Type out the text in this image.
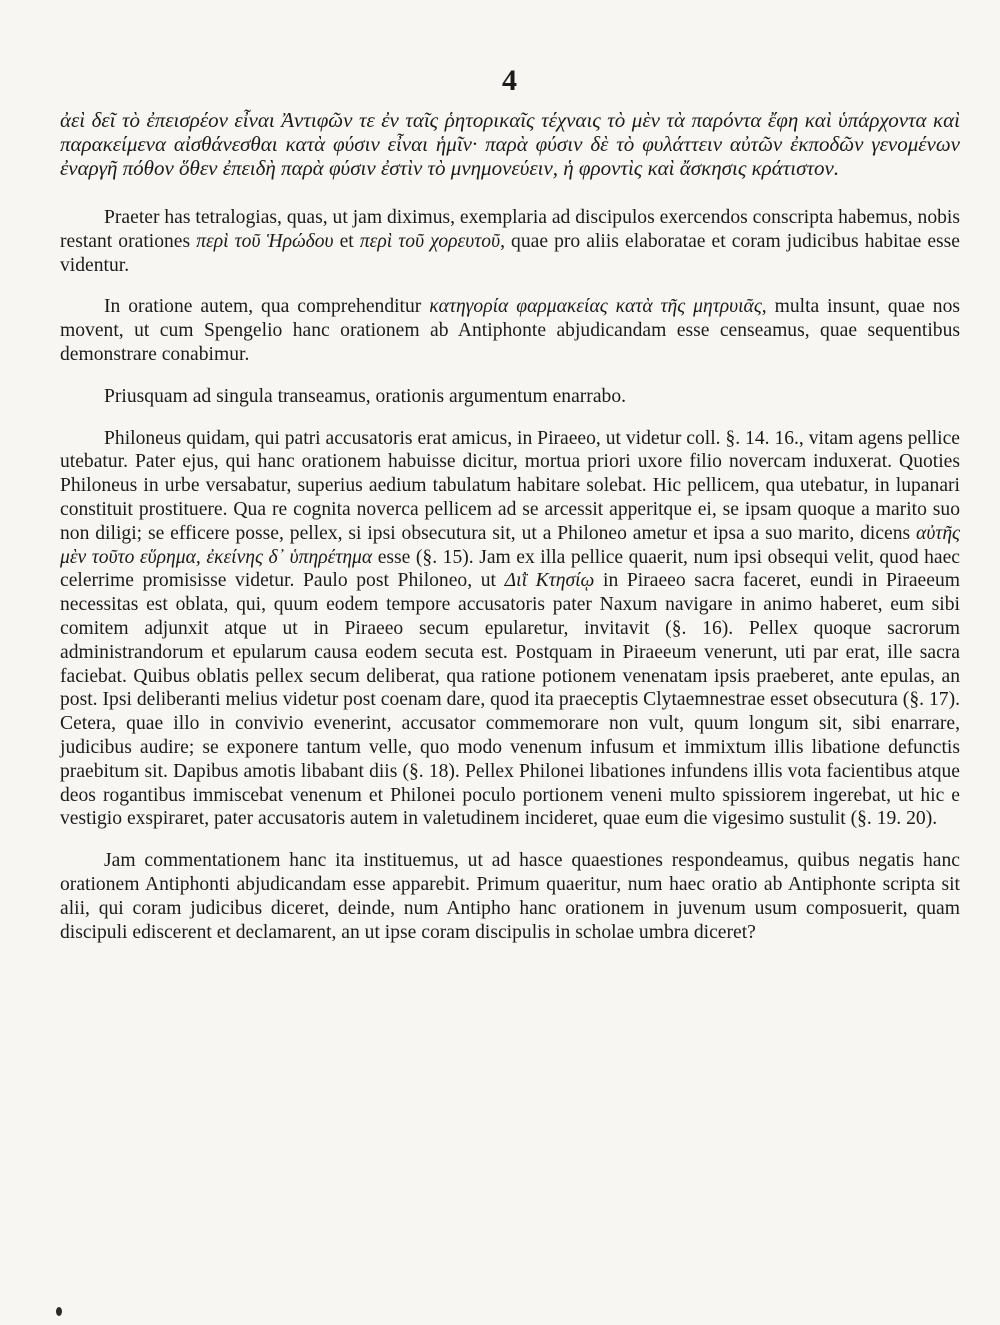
4

ἀεὶ δεῖ τὸ ἐπεισρέον εἶναι Ἀντιφῶν τε ἐν ταῖς ῥητορικαῖς τέχναις τὸ μὲν τὰ παρόντα ἔφη καὶ ὑπάρχοντα καὶ παρακείμενα αἰσθάνεσθαι κατὰ φύσιν εἶναι ἡμῖν· παρὰ φύσιν δὲ τὸ φυλάττειν αὐτῶν ἐκποδῶν γενομένων ἐναργῆ πόθον ὅθεν ἐπειδὴ παρὰ φύσιν ἐστὶν τὸ μνημονεύειν, ἡ φροντὶς καὶ ἄσκησις κράτιστον.

Praeter has tetralogias, quas, ut jam diximus, exemplaria ad discipulos exercendos conscripta habemus, nobis restant orationes περὶ τοῦ Ἡρώδου et περὶ τοῦ χορευτοῦ, quae pro aliis elaboratae et coram judicibus habitae esse videntur.

In oratione autem, qua comprehenditur κατηγορία φαρμακείας κατὰ τῆς μητρυιᾶς, multa insunt, quae nos movent, ut cum Spengelio hanc orationem ab Antiphonte abjudicandam esse censeamus, quae sequentibus demonstrare conabimur.

Priusquam ad singula transeamus, orationis argumentum enarrabo.

Philoneus quidam, qui patri accusatoris erat amicus, in Piraeeo, ut videtur coll. §. 14. 16., vitam agens pellice utebatur. Pater ejus, qui hanc orationem habuisse dicitur, mortua priori uxore filio novercam induxerat. Quoties Philoneus in urbe versabatur, superius aedium tabulatum habitare solebat. Hic pellicem, qua utebatur, in lupanari constituit prostituere. Qua re cognita noverca pellicem ad se arcessit apperitque ei, se ipsam quoque a marito suo non diligi; se efficere posse, pellex, si ipsi obsecutura sit, ut a Philoneo ametur et ipsa a suo marito, dicens αὐτῆς μὲν τοῦτο εὕρημα, ἐκείνης δ᾽ ὑπηρέτημα esse (§. 15). Jam ex illa pellice quaerit, num ipsi obsequi velit, quod haec celerrime promisisse videtur. Paulo post Philoneo, ut Διῒ Κτησίῳ in Piraeeo sacra faceret, eundi in Piraeeum necessitas est oblata, qui, quum eodem tempore accusatoris pater Naxum navigare in animo haberet, eum sibi comitem adjunxit atque ut in Piraeeo secum epularetur, invitavit (§. 16). Pellex quoque sacrorum administrandorum et epularum causa eodem secuta est. Postquam in Piraeeum venerunt, uti par erat, ille sacra faciebat. Quibus oblatis pellex secum deliberat, qua ratione potionem venenatam ipsis praeberet, ante epulas, an post. Ipsi deliberanti melius videtur post coenam dare, quod ita praeceptis Clytaemnestrae esset obsecutura (§. 17). Cetera, quae illo in convivio evenerint, accusator commemorare non vult, quum longum sit, sibi enarrare, judicibus audire; se exponere tantum velle, quo modo venenum infusum et immixtum illis libatione defunctis praebitum sit. Dapibus amotis libabant diis (§. 18). Pellex Philonei libationes infundens illis vota facientibus atque deos rogantibus immiscebat venenum et Philonei poculo portionem veneni multo spissiorem ingerebat, ut hic e vestigio exspiraret, pater accusatoris autem in valetudinem incideret, quae eum die vigesimo sustulit (§. 19. 20).

Jam commentationem hanc ita instituemus, ut ad hasce quaestiones respondeamus, quibus negatis hanc orationem Antiphonti abjudicandam esse apparebit. Primum quaeritur, num haec oratio ab Antiphonte scripta sit alii, qui coram judicibus diceret, deinde, num Antipho hanc orationem in juvenum usum composuerit, quam discipuli ediscerent et declamarent, an ut ipse coram discipulis in scholae umbra diceret?
